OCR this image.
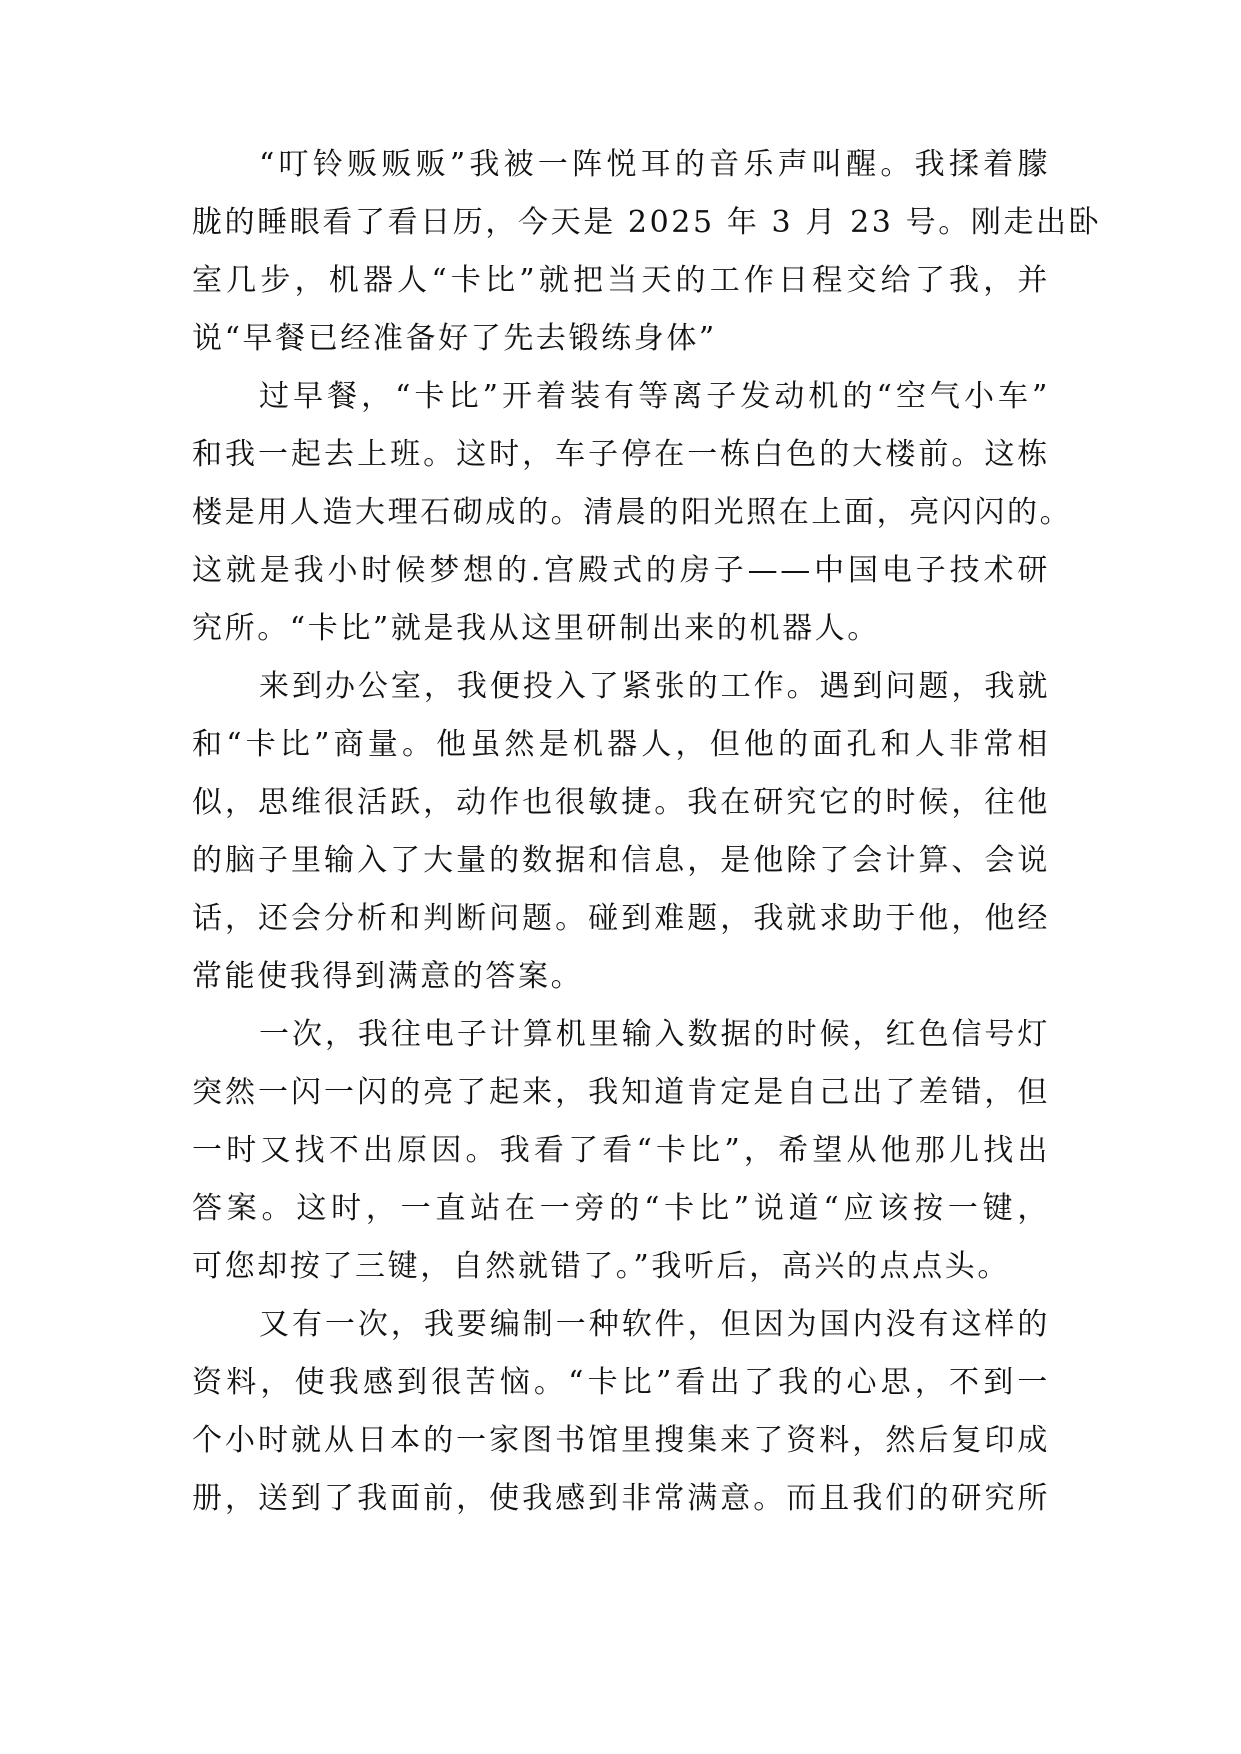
“叮铃贩贩贩”我被一阵悦耳的音乐声叫醒。我揉着朦
胧的睡眼看了看日历，今天是 2025 年 3 月 23 号。刚走出卧
室几步，机器人“卡比”就把当天的工作日程交给了我，并
说“早餐已经准备好了先去锻练身体”
过早餐，“卡比”开着装有等离子发动机的“空气小车”
和我一起去上班。这时，车子停在一栋白色的大楼前。这栋
楼是用人造大理石砌成的。清晨的阳光照在上面，亮闪闪的。
这就是我小时候梦想的.宫殿式的房子——中国电子技术研
究所。“卡比”就是我从这里研制出来的机器人。
来到办公室，我便投入了紧张的工作。遇到问题，我就
和“卡比”商量。他虽然是机器人，但他的面孔和人非常相
似，思维很活跃，动作也很敏捷。我在研究它的时候，往他
的脑子里输入了大量的数据和信息，是他除了会计算、会说
话，还会分析和判断问题。碰到难题，我就求助于他，他经
常能使我得到满意的答案。
一次，我往电子计算机里输入数据的时候，红色信号灯
突然一闪一闪的亮了起来，我知道肯定是自己出了差错，但
一时又找不出原因。我看了看“卡比”，希望从他那儿找出
答案。这时，一直站在一旁的“卡比”说道“应该按一键，
可您却按了三键，自然就错了。”我听后，高兴的点点头。
又有一次，我要编制一种软件，但因为国内没有这样的
资料，使我感到很苦恼。“卡比”看出了我的心思，不到一
个小时就从日本的一家图书馆里搜集来了资料，然后复印成
册，送到了我面前，使我感到非常满意。而且我们的研究所
